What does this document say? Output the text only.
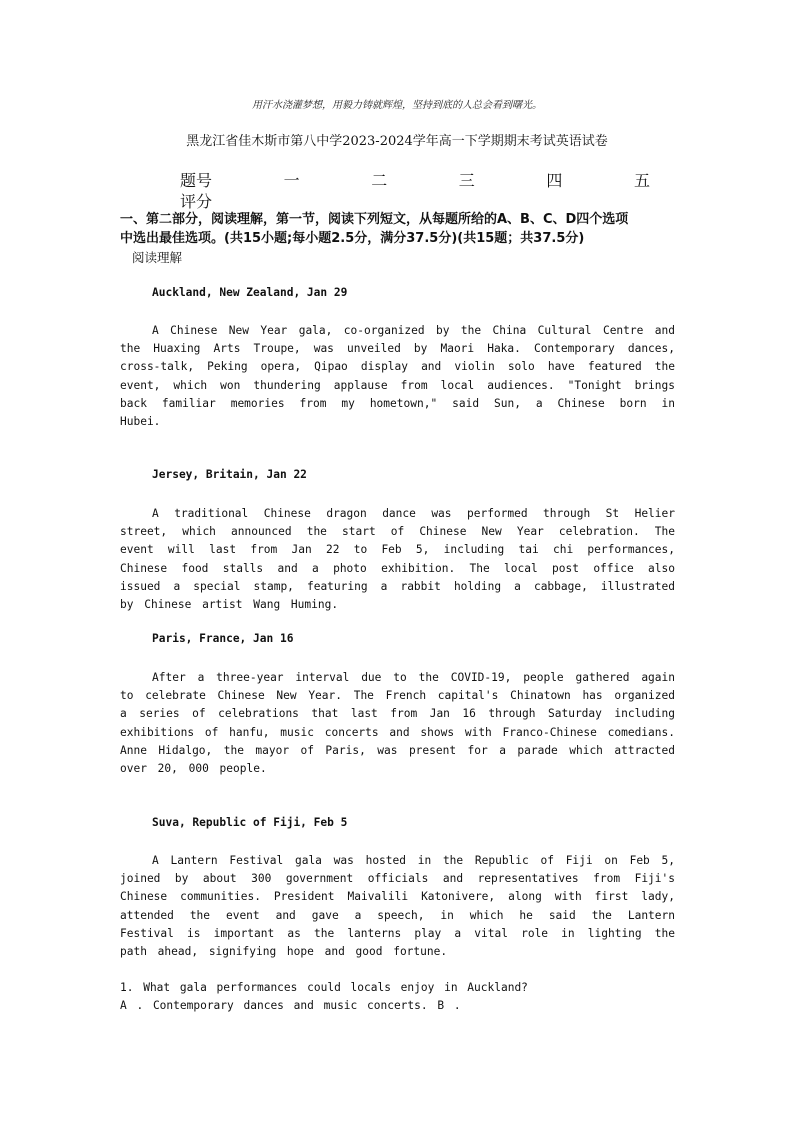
用汗水浇灌梦想，用毅力铸就辉煌，坚持到底的人总会看到曙光。
黑龙江省佳木斯市第八中学2023-2024学年高一下学期期末考试英语试卷
题号	一	二	三	四	五
评分
一、第二部分，阅读理解，第一节，阅读下列短文，从每题所给的A、B、C、D四个选项
中选出最佳选项。(共15小题;每小题2.5分，满分37.5分)(共15题；共37.5分)
阅读理解
Auckland, New Zealand, Jan 29
A Chinese New Year gala, co-organized by the China Cultural Centre and the Huaxing Arts Troupe, was unveiled by Maori Haka. Contemporary dances, cross-talk, Peking opera, Qipao display and violin solo have featured the event, which won thundering applause from local audiences. "Tonight brings back familiar memories from my hometown," said Sun, a Chinese born in Hubei.
Jersey, Britain, Jan 22
A traditional Chinese dragon dance was performed through St Helier street, which announced the start of Chinese New Year celebration. The event will last from Jan 22 to Feb 5, including tai chi performances, Chinese food stalls and a photo exhibition. The local post office also issued a special stamp, featuring a rabbit holding a cabbage, illustrated by Chinese artist Wang Huming.
Paris, France, Jan 16
After a three-year interval due to the COVID-19, people gathered again to celebrate Chinese New Year. The French capital's Chinatown has organized a series of celebrations that last from Jan 16 through Saturday including exhibitions of hanfu, music concerts and shows with Franco-Chinese comedians. Anne Hidalgo, the mayor of Paris, was present for a parade which attracted over 20, 000 people.
Suva, Republic of Fiji, Feb 5
A Lantern Festival gala was hosted in the Republic of Fiji on Feb 5, joined by about 300 government officials and representatives from Fiji's Chinese communities. President Maivalili Katonivere, along with first lady, attended the event and gave a speech, in which he said the Lantern Festival is important as the lanterns play a vital role in lighting the path ahead, signifying hope and good fortune.
1. What gala performances could locals enjoy in Auckland?
A . Contemporary dances and music concerts. B .
